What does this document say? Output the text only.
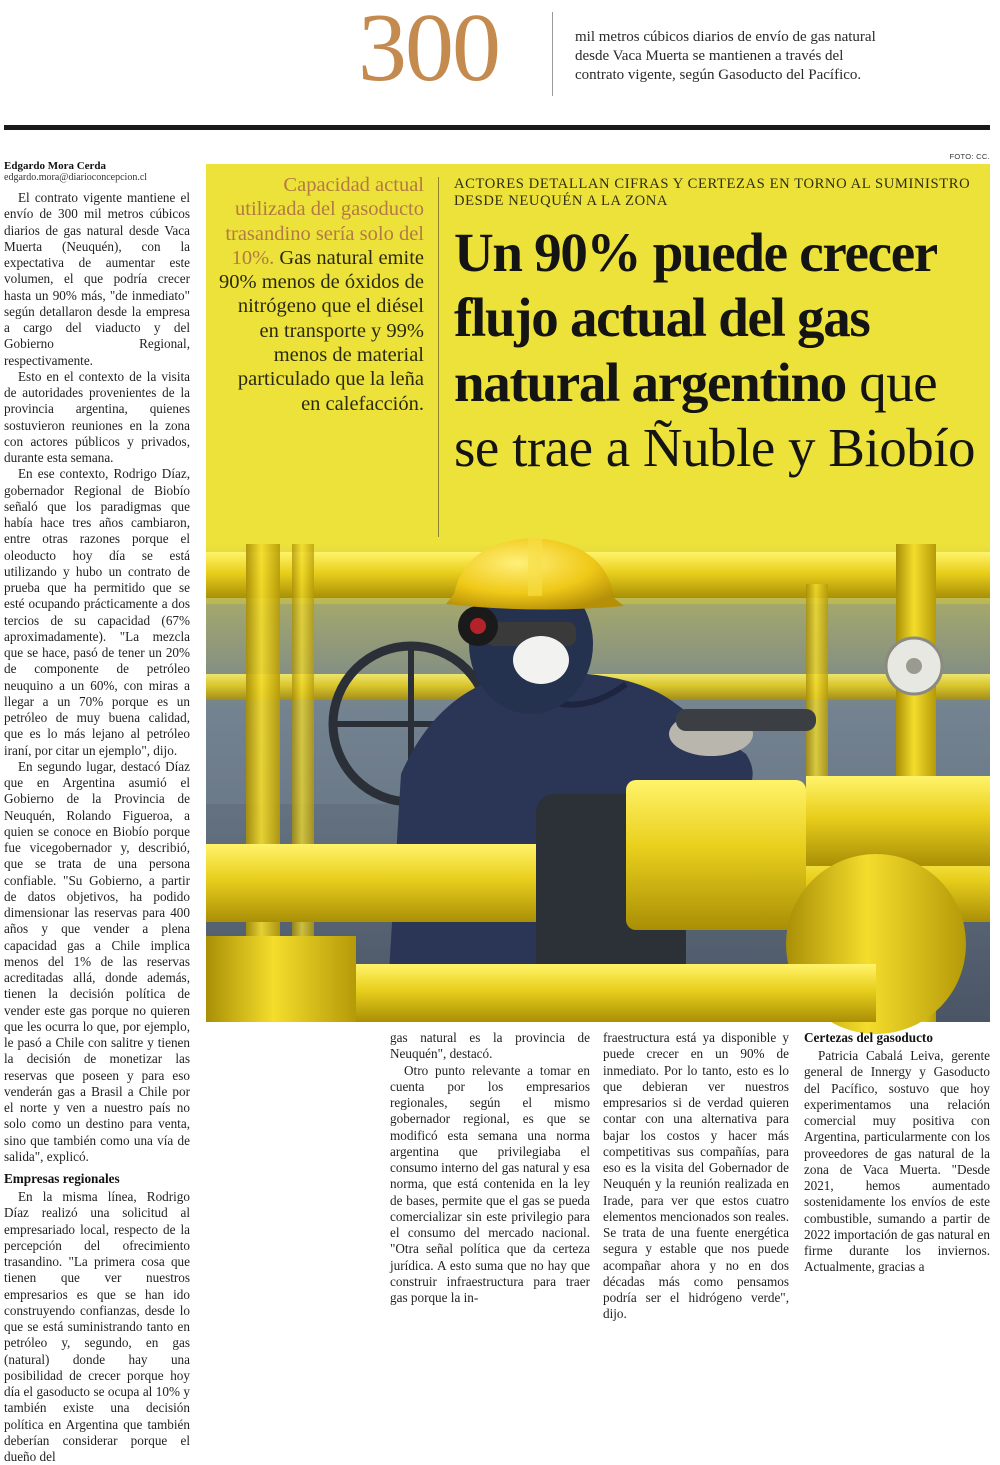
300	mil metros cúbicos diarios de envío de gas natural desde Vaca Muerta se mantienen a través del contrato vigente, según Gasoducto del Pacífico.
Edgardo Mora Cerda
edgardo.mora@diarioconcepcion.cl
FOTO: CC.

El contrato vigente mantiene el envío de 300 mil metros cúbicos diarios de gas natural desde Vaca Muerta (Neuquén), con la expectativa de aumentar este volumen, el que podría crecer hasta un 90% más, "de inmediato" según detallaron desde la empresa a cargo del viaducto y del Gobierno Regional, respectivamente.

Esto en el contexto de la visita de autoridades provenientes de la provincia argentina, quienes sostuvieron reuniones en la zona con actores públicos y privados, durante esta semana.

En ese contexto, Rodrigo Díaz, gobernador Regional de Biobío señaló que los paradigmas que había hace tres años cambiaron, entre otras razones porque el oleoducto hoy día se está utilizando y hubo un contrato de prueba que ha permitido que se esté ocupando prácticamente a dos tercios de su capacidad (67% aproximadamente). "La mezcla que se hace, pasó de tener un 20% de componente de petróleo neuquino a un 60%, con miras a llegar a un 70% porque es un petróleo de muy buena calidad, que es lo más lejano al petróleo iraní, por citar un ejemplo", dijo.

En segundo lugar, destacó Díaz que en Argentina asumió el Gobierno de la Provincia de Neuquén, Rolando Figueroa, a quien se conoce en Biobío porque fue vicegobernador y, describió, que se trata de una persona confiable. "Su Gobierno, a partir de datos objetivos, ha podido dimensionar las reservas para 400 años y que vender a plena capacidad gas a Chile implica menos del 1% de las reservas acreditadas allá, donde además, tienen la decisión política de vender este gas porque no quieren que les ocurra lo que, por ejemplo, le pasó a Chile con salitre y tienen la decisión de monetizar las reservas que poseen y para eso venderán gas a Brasil a Chile por el norte y ven a nuestro país no solo como un destino para venta, sino que también como una vía de salida", explicó.

Empresas regionales

En la misma línea, Rodrigo Díaz realizó una solicitud al empresariado local, respecto de la percepción del ofrecimiento trasandino. "La primera cosa que tienen que ver nuestros empresarios es que se han ido construyendo confianzas, desde lo que se está suministrando tanto en petróleo y, segundo, en gas (natural) donde hay una posibilidad de crecer porque hoy día el gasoducto se ocupa al 10% y también existe una decisión política en Argentina que también deberían considerar porque el dueño del

Capacidad actual utilizada del gasoducto trasandino sería solo del 10%. Gas natural emite 90% menos de óxidos de nitrógeno que el diésel en transporte y 99% menos de material particulado que la leña en calefacción.
ACTORES DETALLAN CIFRAS Y CERTEZAS EN TORNO AL SUMINISTRO DESDE NEUQUÉN A LA ZONA
Un 90% puede crecer flujo actual del gas natural argentino que se trae a Ñuble y Biobío

gas natural es la provincia de Neuquén", destacó.

Otro punto relevante a tomar en cuenta por los empresarios regionales, según el mismo gobernador regional, es que se modificó esta semana una norma argentina que privilegiaba el consumo interno del gas natural y esa norma, que está contenida en la ley de bases, permite que el gas se pueda comercializar sin este privilegio para el consumo del mercado nacional. "Otra señal política que da certeza jurídica. A esto suma que no hay que construir infraestructura para traer gas porque la in-

fraestructura está ya disponible y puede crecer en un 90% de inmediato. Por lo tanto, esto es lo que debieran ver nuestros empresarios si de verdad quieren contar con una alternativa para bajar los costos y hacer más competitivas sus compañías, para eso es la visita del Gobernador de Neuquén y la reunión realizada en Irade, para ver que estos cuatro elementos mencionados son reales. Se trata de una fuente energética segura y estable que nos puede acompañar ahora y no en dos décadas más como pensamos podría ser el hidrógeno verde", dijo.

Certezas del gasoducto

Patricia Cabalá Leiva, gerente general de Innergy y Gasoducto del Pacífico, sostuvo que hoy experimentamos una relación comercial muy positiva con Argentina, particularmente con los proveedores de gas natural de la zona de Vaca Muerta. "Desde 2021, hemos aumentado sostenidamente los envíos de este combustible, sumando a partir de 2022 importación de gas natural en firme durante los inviernos. Actualmente, gracias a
